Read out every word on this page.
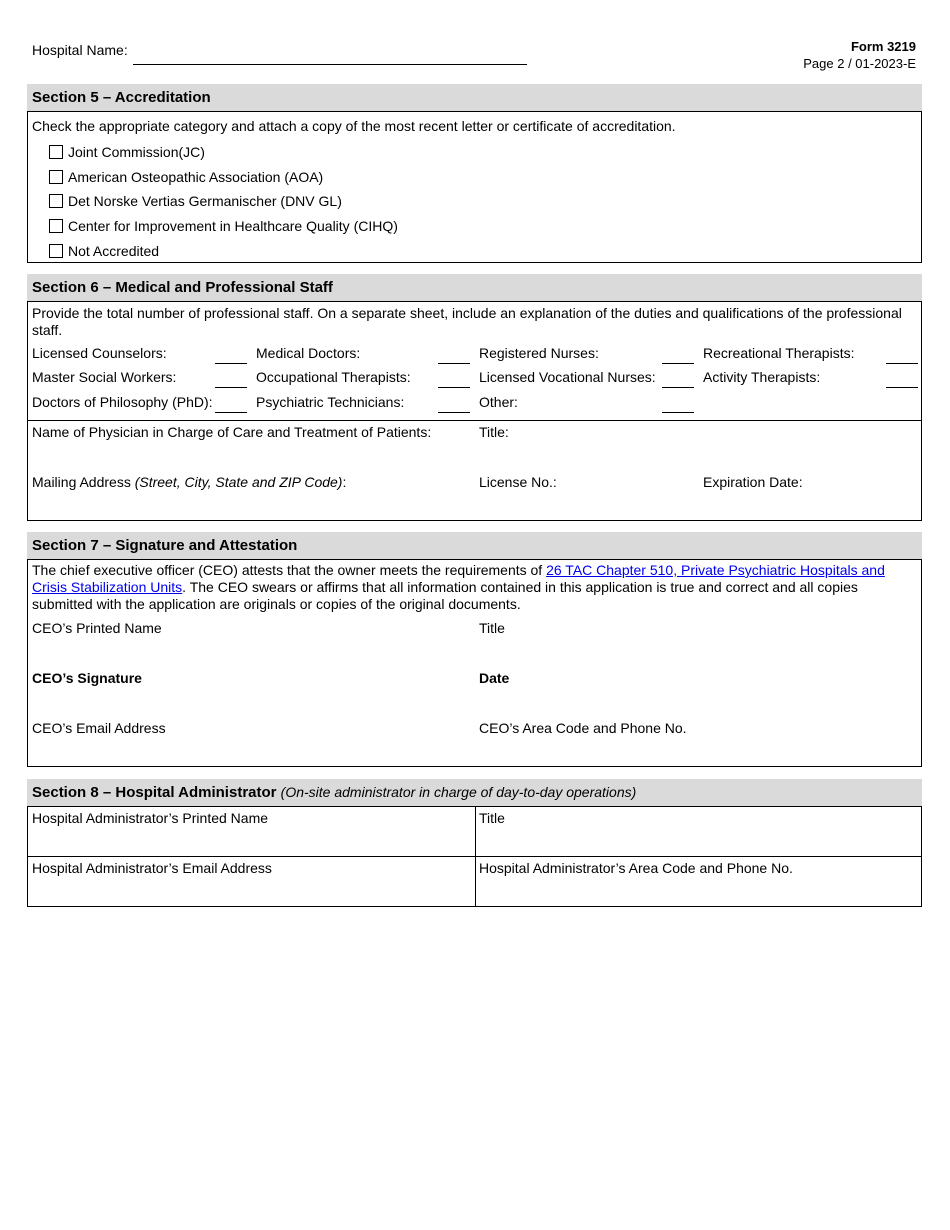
Hospital Name:	Form 3219
Page 2 / 01-2023-E
Section 5 – Accreditation
Check the appropriate category and attach a copy of the most recent letter or certificate of accreditation.
Joint Commission(JC)
American Osteopathic Association (AOA)
Det Norske Vertias Germanischer (DNV GL)
Center for Improvement in Healthcare Quality (CIHQ)
Not Accredited
Section 6 – Medical and Professional Staff
Provide the total number of professional staff. On a separate sheet, include an explanation of the duties and qualifications of the professional staff.
Licensed Counselors:	Medical Doctors:	Registered Nurses:	Recreational Therapists:
Master Social Workers:	Occupational Therapists:	Licensed Vocational Nurses:	Activity Therapists:
Doctors of Philosophy (PhD):	Psychiatric Technicians:	Other:
Name of Physician in Charge of Care and Treatment of Patients:	Title:
Mailing Address (Street, City, State and ZIP Code):	License No.:	Expiration Date:
Section 7 – Signature and Attestation
The chief executive officer (CEO) attests that the owner meets the requirements of 26 TAC Chapter 510, Private Psychiatric Hospitals and Crisis Stabilization Units. The CEO swears or affirms that all information contained in this application is true and correct and all copies submitted with the application are originals or copies of the original documents.
CEO’s Printed Name	Title
CEO’s Signature	Date
CEO’s Email Address	CEO’s Area Code and Phone No.
Section 8 – Hospital Administrator (On-site administrator in charge of day-to-day operations)
Hospital Administrator’s Printed Name	Title
Hospital Administrator’s Email Address	Hospital Administrator’s Area Code and Phone No.
